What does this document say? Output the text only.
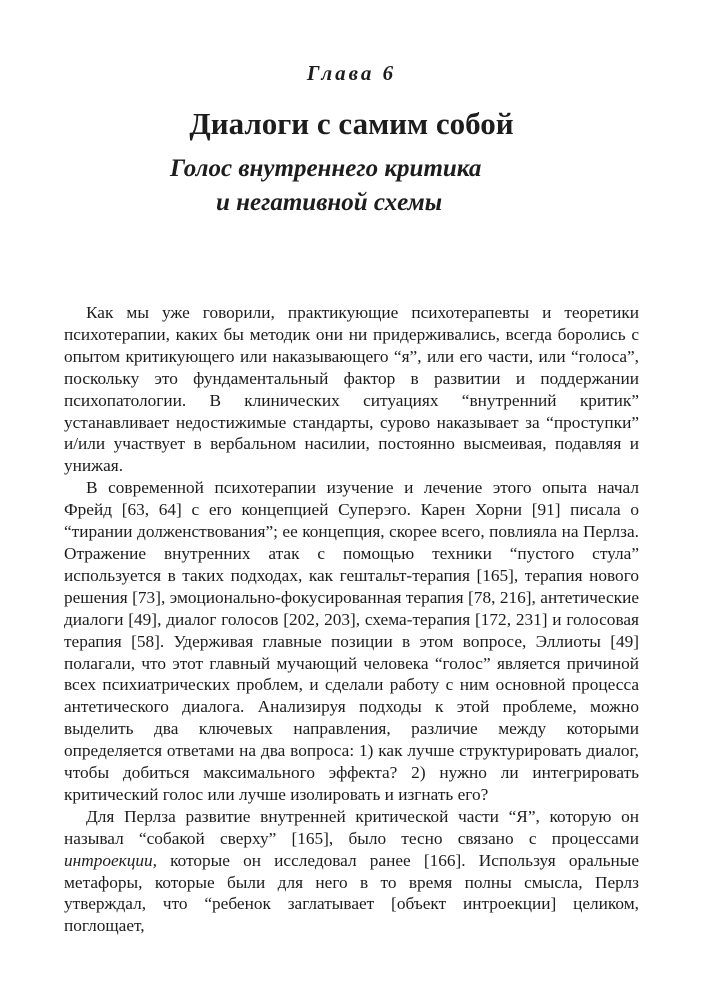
Глава 6
Диалоги с самим собой
Голос внутреннего критика
и негативной схемы

Как мы уже говорили, практикующие психотерапевты и теоретики психотерапии, каких бы методик они ни придерживались, всегда боролись с опытом критикующего или наказывающего “я”, или его части, или “голоса”, поскольку это фундаментальный фактор в развитии и поддержании психопатологии. В клинических ситуациях “внутренний критик” устанавливает недостижимые стандарты, сурово наказывает за “проступки” и/или участвует в вербальном насилии, постоянно высмеивая, подавляя и унижая.

В современной психотерапии изучение и лечение этого опыта начал Фрейд [63, 64] с его концепцией Суперэго. Карен Хорни [91] писала о “тирании долженствования”; ее концепция, скорее всего, повлияла на Перлза. Отражение внутренних атак с помощью техники “пустого стула” используется в таких подходах, как гештальт-терапия [165], терапия нового решения [73], эмоционально-фокусированная терапия [78, 216], антетические диалоги [49], диалог голосов [202, 203], схема-терапия [172, 231] и голосовая терапия [58]. Удерживая главные позиции в этом вопросе, Эллиоты [49] полагали, что этот главный мучающий человека “голос” является причиной всех психиатрических проблем, и сделали работу с ним основной процесса антетического диалога. Анализируя подходы к этой проблеме, можно выделить два ключевых направления, различие между которыми определяется ответами на два вопроса: 1) как лучше структурировать диалог, чтобы добиться максимального эффекта? 2) нужно ли интегрировать критический голос или лучше изолировать и изгнать его?

Для Перлза развитие внутренней критической части “Я”, которую он называл “собакой сверху” [165], было тесно связано с процессами интроекции, которые он исследовал ранее [166]. Используя оральные метафоры, которые были для него в то время полны смысла, Перлз утверждал, что “ребенок заглатывает [объект интроекции] целиком, поглощает,
